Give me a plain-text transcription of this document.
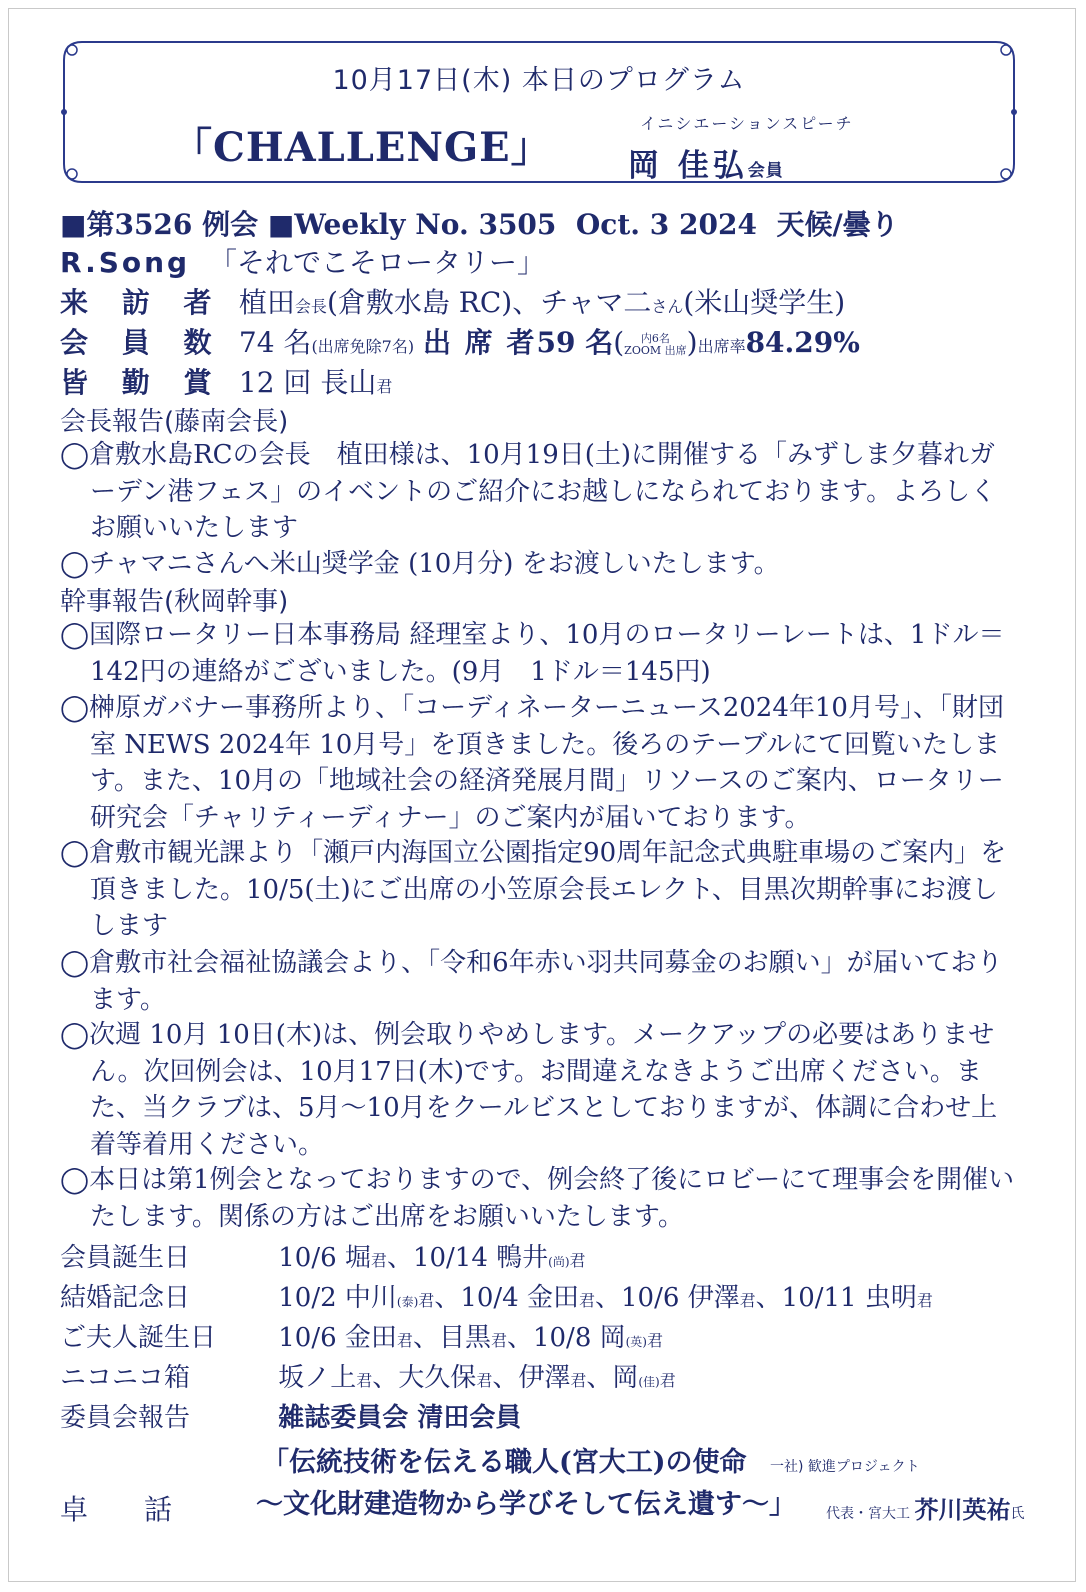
10月17日(木) 本日のプログラム
「CHALLENGE」
イニシエーションスピーチ
岡 佳弘会員
■第3526 例会 ■Weekly No. 3505 Oct. 3 2024 天候/曇り
R.Song 「それでこそロータリー」
来 訪 者 植田会長(倉敷水島 RC)、チャマ二さん(米山奨学生)
会 員 数 74 名(出席免除7名) 出 席 者59 名( 内6名
ZOOM 出席)出席率84.29%
皆 勤 賞 12 回 長山君
会長報告(藤南会長)
◯倉敷水島RCの会長　植田様は、10月19日(土)に開催する「みずしま夕暮れガーデン港フェス」のイベントのご紹介にお越しになられております。よろしくお願いいたします
◯チャマニさんへ米山奨学金 (10月分) をお渡しいたします。
幹事報告(秋岡幹事)
◯国際ロータリー日本事務局 経理室より、10月のロータリーレートは、1ドル＝142円の連絡がございました。(9月　1ドル＝145円)
◯榊原ガバナー事務所より、「コーディネーターニュース2024年10月号」、「財団室 NEWS 2024年 10月号」を頂きました。後ろのテーブルにて回覧いたします。また、10月の「地域社会の経済発展月間」リソースのご案内、ロータリー研究会「チャリティーディナー」のご案内が届いております。
◯倉敷市観光課より「瀬戸内海国立公園指定90周年記念式典駐車場のご案内」を頂きました。10/5(土)にご出席の小笠原会長エレクト、目黒次期幹事にお渡しします
◯倉敷市社会福祉協議会より、「令和6年赤い羽共同募金のお願い」が届いております。
◯次週 10月 10日(木)は、例会取りやめします。メークアップの必要はありません。次回例会は、10月17日(木)です。お間違えなきようご出席ください。また、当クラブは、5月〜10月をクールビスとしておりますが、体調に合わせ上着等着用ください。
◯本日は第1例会となっておりますので、例会終了後にロビーにて理事会を開催いたします。関係の方はご出席をお願いいたします。
会員誕生日	10/6 堀君、10/14 鴨井(尚)君
結婚記念日	10/2 中川(泰)君、10/4 金田君、10/6 伊澤君、10/11 虫明君
ご夫人誕生日 10/6 金田君、目黒君、10/8 岡(英)君
ニコニコ箱	坂ノ上君、大久保君、伊澤君、岡(佳)君
委員会報告	雑誌委員会 清田会員
「伝統技術を伝える職人(宮大工)の使命 一社) 歓進プロジェクト
卓　　話	〜文化財建造物から学びそして伝え遺す〜」 代表・宮大工 芥川英祐氏
